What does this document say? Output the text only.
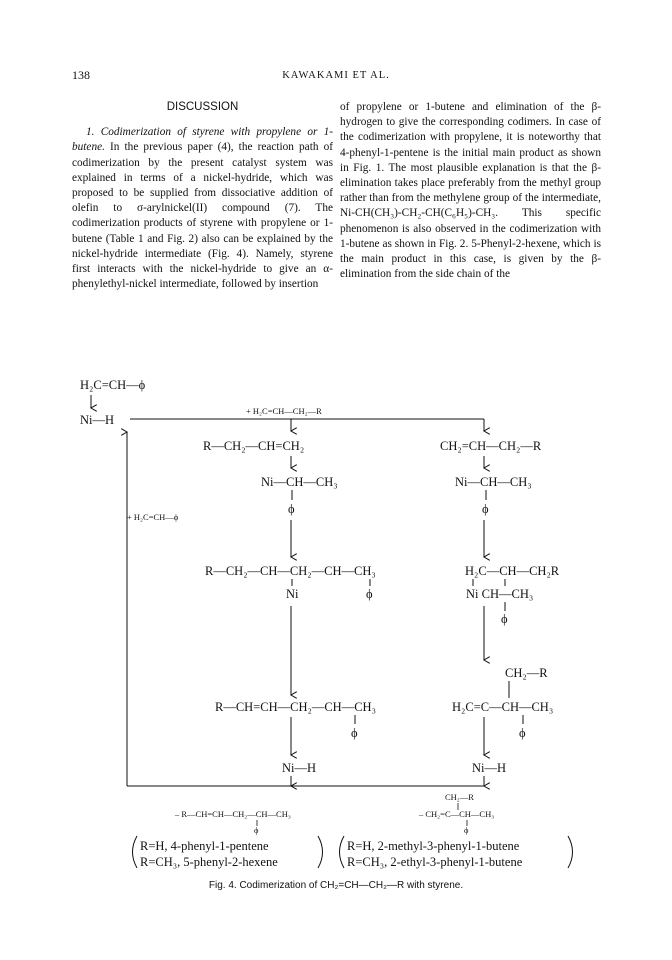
138	KAWAKAMI ET AL.
DISCUSSION

1. Codimerization of styrene with propylene or 1-butene. In the previous paper (4), the reaction path of codimerization by the present catalyst system was explained in terms of a nickel-hydride, which was proposed to be supplied from dissociative addition of olefin to σ-arylnickel(II) compound (7). The codimerization products of styrene with propylene or 1-butene (Table 1 and Fig. 2) also can be explained by the nickel-hydride intermediate (Fig. 4). Namely, styrene first interacts with the nickel-hydride to give an α-phenylethyl-nickel intermediate, followed by insertion

of propylene or 1-butene and elimination of the β-hydrogen to give the corresponding codimers. In case of the codimerization with propylene, it is noteworthy that 4-phenyl-1-pentene is the initial main product as shown in Fig. 1. The most plausible explanation is that the β-elimination takes place preferably from the methyl group rather than from the methylene group of the intermediate, Ni-CH(CH₃)-CH₂-CH(C₆H₅)-CH₃. This specific phenomenon is also observed in the codimerization with 1-butene as shown in Fig. 2. 5-Phenyl-2-hexene, which is the main product in this case, is given by the β-elimination from the side chain of the

H₂C=CH—ϕ
Ni—H
+ H₂C=CH—CH₂—R
R—CH₂—CH=CH₂	CH₂=CH—CH₂—R
Ni—CH—CH₃
ϕ
Ni—CH—CH₃
ϕ
+ H₂C=CH—ϕ
R—CH₂—CH—CH₂—CH—CH₃
Ni	ϕ
H₂C—CH—CH₂R
Ni CH—CH₃
ϕ
CH₂—R
R—CH=CH—CH₂—CH—CH₃
ϕ
H₂C=C—CH—CH₃
ϕ
Ni—H	Ni—H
CH₂—R
– R—CH=CH—CH₂—CH—CH₃
ϕ
– CH₂=C—CH—CH₃
ϕ
R=H, 4-phenyl-1-pentene
R=CH₃, 5-phenyl-2-hexene
R=H, 2-methyl-3-phenyl-1-butene
R=CH₃, 2-ethyl-3-phenyl-1-butene
Fig. 4. Codimerization of CH₂=CH—CH₂—R with styrene.
